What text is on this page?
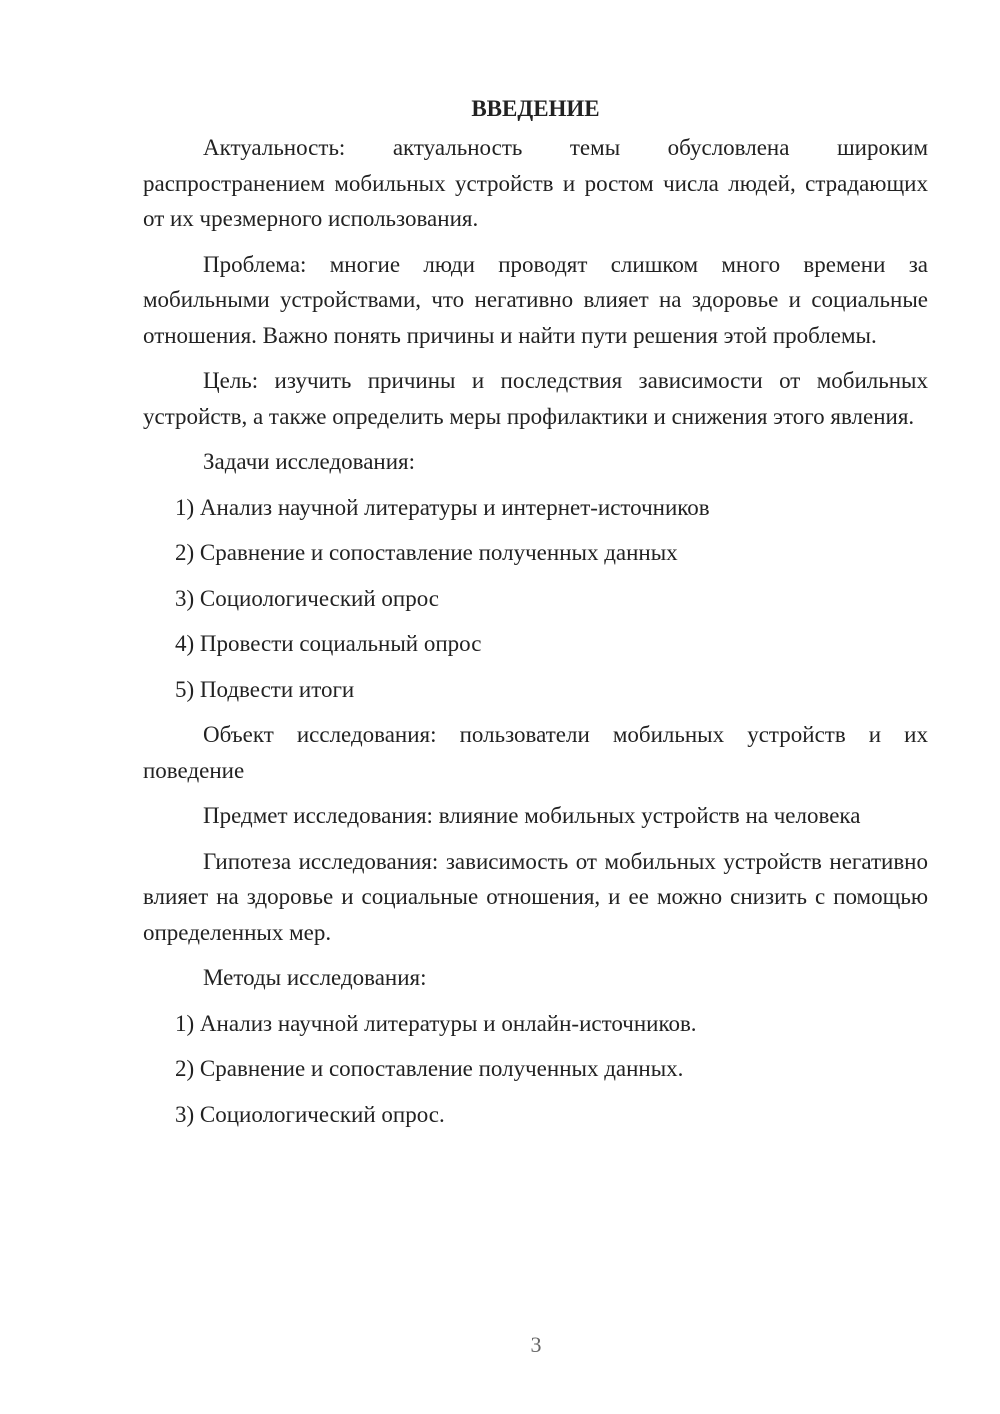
ВВЕДЕНИЕ

Актуальность: актуальность темы обусловлена широким распространением мобильных устройств и ростом числа людей, страдающих от их чрезмерного использования.

Проблема: многие люди проводят слишком много времени за мобильными устройствами, что негативно влияет на здоровье и социальные отношения. Важно понять причины и найти пути решения этой проблемы.

Цель: изучить причины и последствия зависимости от мобильных устройств, а также определить меры профилактики и снижения этого явления.

Задачи исследования:

1) Анализ научной литературы и интернет-источников
2) Сравнение и сопоставление полученных данных
3) Социологический опрос
4) Провести социальный опрос
5) Подвести итоги

Объект исследования: пользователи мобильных устройств и их поведение

Предмет исследования: влияние мобильных устройств на человека

Гипотеза исследования: зависимость от мобильных устройств негативно влияет на здоровье и социальные отношения, и ее можно снизить с помощью определенных мер.

Методы исследования:

1) Анализ научной литературы и онлайн-источников.
2) Сравнение и сопоставление полученных данных.
3) Социологический опрос.
3
